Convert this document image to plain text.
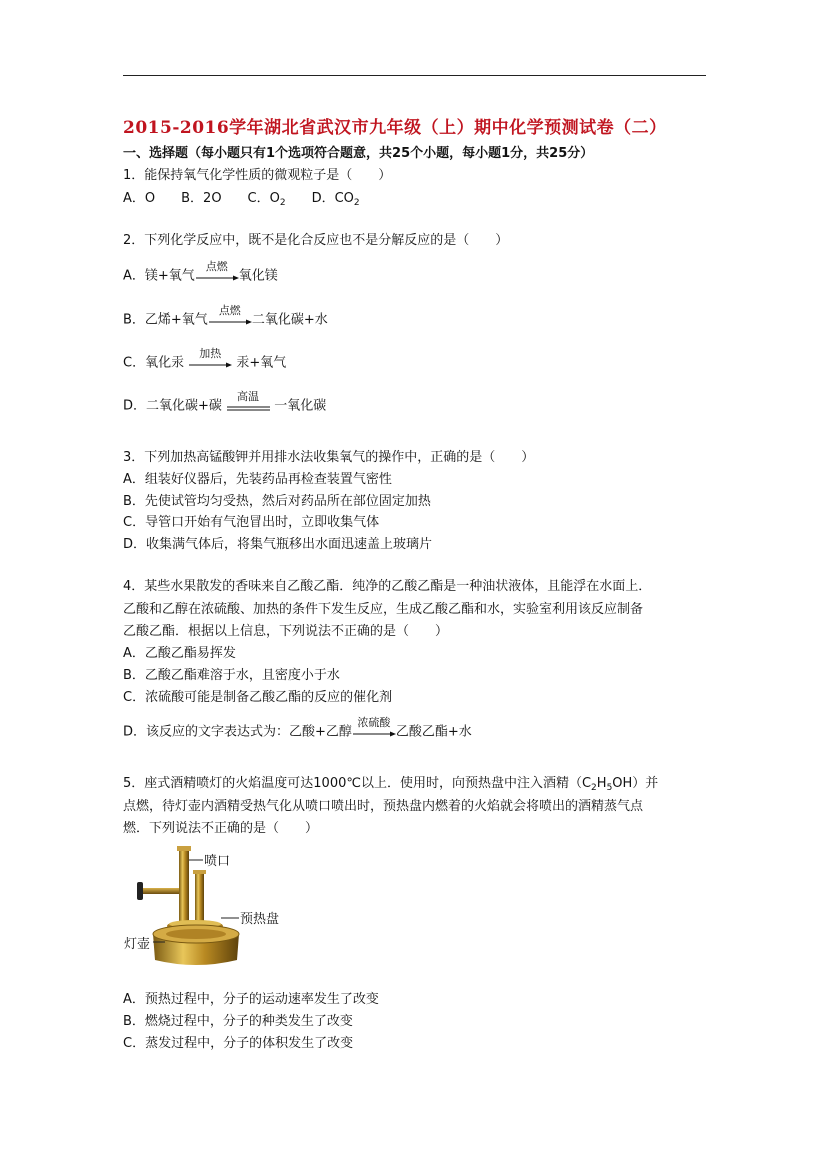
2015-2016学年湖北省武汉市九年级（上）期中化学预测试卷（二）
一、选择题（每小题只有1个选项符合题意，共25个小题，每小题1分，共25分）
1．能保持氧气化学性质的微观粒子是（　　）
A．O　　B．2O　　C．$O_2$　　D．$CO_2$
2．下列化学反应中，既不是化合反应也不是分解反应的是（　　）
A．镁+氧气
点燃
氧化镁
B．乙烯+氧气
点燃
二氧化碳+水
C．氧化汞
加热
汞+氧气
D．二氧化碳+碳
高温
一氧化碳
3．下列加热高锰酸钾并用排水法收集氧气的操作中，正确的是（　　）
A．组装好仪器后，先装药品再检查装置气密性
B．先使试管均匀受热，然后对药品所在部位固定加热
C．导管口开始有气泡冒出时，立即收集气体
D．收集满气体后，将集气瓶移出水面迅速盖上玻璃片
4．某些水果散发的香味来自乙酸乙酯．纯净的乙酸乙酯是一种油状液体，且能浮在水面上．
乙酸和乙醇在浓硫酸、加热的条件下发生反应，生成乙酸乙酯和水，实验室利用该反应制备
乙酸乙酯．根据以上信息，下列说法不正确的是（　　）
A．乙酸乙酯易挥发
B．乙酸乙酯难溶于水，且密度小于水
C．浓硫酸可能是制备乙酸乙酯的反应的催化剂
D．该反应的文字表达式为：乙酸+乙醇
浓硫酸
乙酸乙酯+水
5．座式酒精喷灯的火焰温度可达1000℃以上．使用时，向预热盘中注入酒精$(C_2H_5OH)$并
点燃，待灯壶内酒精受热气化从喷口喷出时，预热盘内燃着的火焰就会将喷出的酒精蒸气点
燃．下列说法不正确的是（　　）
喷口
预热盘
灯壶
A．预热过程中，分子的运动速率发生了改变
B．燃烧过程中，分子的种类发生了改变
C．蒸发过程中，分子的体积发生了改变
